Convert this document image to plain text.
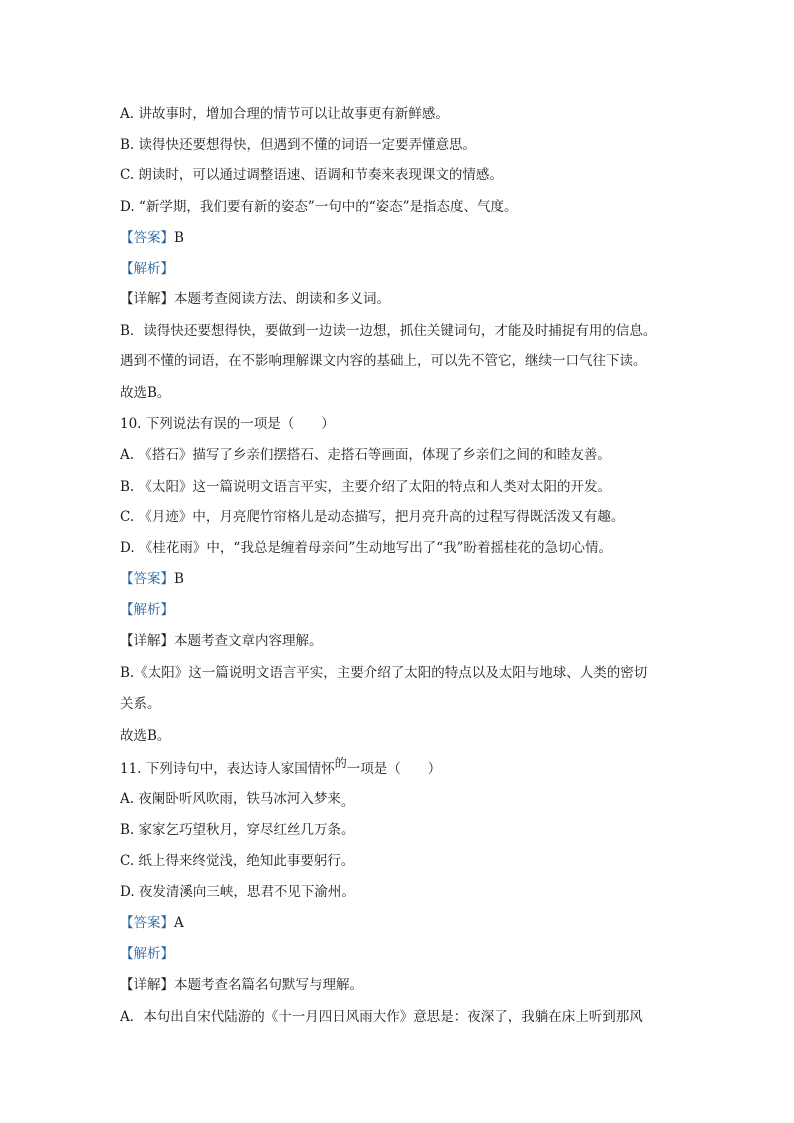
A. 讲故事时，增加合理的情节可以让故事更有新鲜感。
B. 读得快还要想得快，但遇到不懂的词语一定要弄懂意思。
C. 朗读时，可以通过调整语速、语调和节奏来表现课文的情感。
D. “新学期，我们要有新的姿态”一句中的“姿态”是指态度、气度。
【答案】B
【解析】
【详解】本题考查阅读方法、朗读和多义词。
B．读得快还要想得快，要做到一边读一边想，抓住关键词句，才能及时捕捉有用的信息。
遇到不懂的词语，在不影响理解课文内容的基础上，可以先不管它，继续一口气往下读。
故选B。
10. 下列说法有误的一项是（　　）
A. 《搭石》描写了乡亲们摆搭石、走搭石等画面，体现了乡亲们之间的和睦友善。
B. 《太阳》这一篇说明文语言平实，主要介绍了太阳的特点和人类对太阳的开发。
C. 《月迹》中，月亮爬竹帘格儿是动态描写，把月亮升高的过程写得既活泼又有趣。
D. 《桂花雨》中，“我总是缠着母亲问”生动地写出了“我”盼着摇桂花的急切心情。
【答案】B
【解析】
【详解】本题考查文章内容理解。
B.《太阳》这一篇说明文语言平实，主要介绍了太阳的特点以及太阳与地球、人类的密切
关系。
故选B。
11. 下列诗句中，表达诗人家国情怀的一项是（　　）
A. 夜阑卧听风吹雨，铁马冰河入梦来。
B. 家家乞巧望秋月，穿尽红丝几万条。
C. 纸上得来终觉浅，绝知此事要躬行。
D. 夜发清溪向三峡，思君不见下渝州。
【答案】A
【解析】
【详解】本题考查名篇名句默写与理解。
A．本句出自宋代陆游的《十一月四日风雨大作》意思是：夜深了，我躺在床上听到那风
